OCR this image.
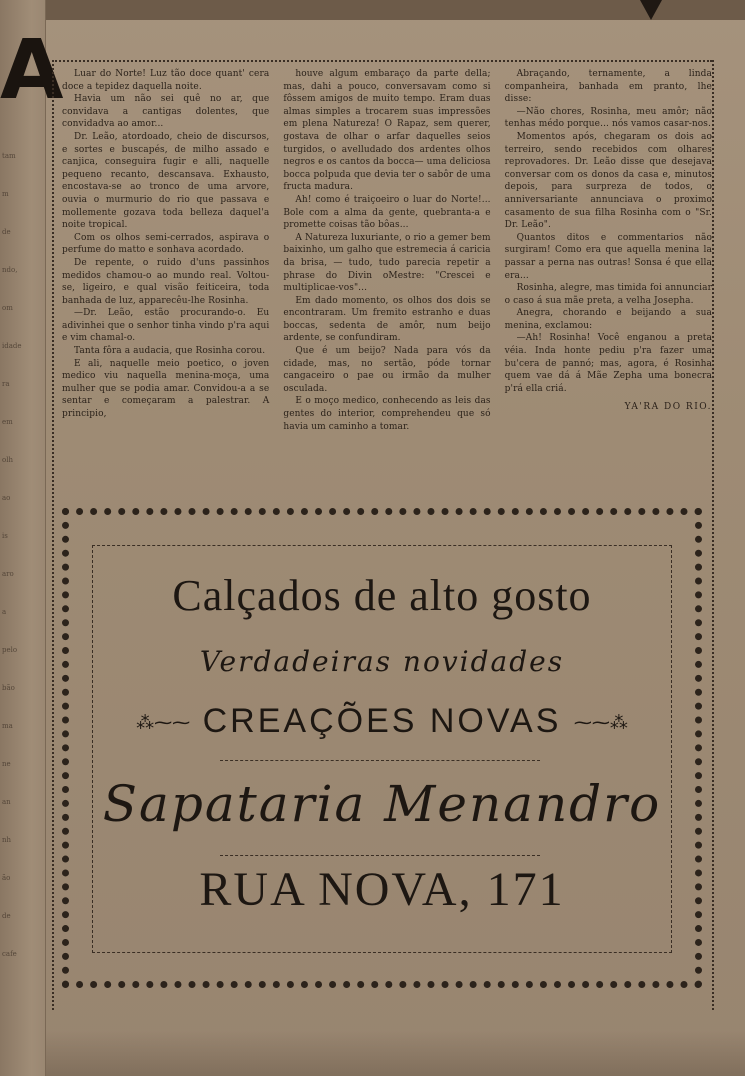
A
tam
m
de
ndo,
om
idade
ra
em
olh
ao
is
aro
a
pelo
bão
ma
ne
an
nh
ão
de
cafe

Luar do Norte! Luz tão doce quant' cera doce a tepidez daquella noite.

Havia um não sei quê no ar, que convidava a cantigas dolentes, que convidadva ao amor...

Dr. Leão, atordoado, cheio de discursos, e sortes e buscapés, de milho assado e canjica, conseguira fugir e alli, naquelle pequeno recanto, descansava. Exhausto, encostava-se ao tronco de uma arvore, ouvia o murmurio do rio que passava e mollemente gozava toda belleza daquel'a noite tropical.

Com os olhos semi-cerrados, aspirava o perfume do matto e sonhava acordado.

De repente, o ruido d'uns passinhos medidos chamou-o ao mundo real. Voltou-se, ligeiro, e qual visão feiticeira, toda banhada de luz, apparecêu-lhe Rosinha.

—Dr. Leão, estão procurando-o. Eu adivinhei que o senhor tinha vindo p'ra aqui e vim chamal-o.

Tanta fôra a audacia, que Rosinha corou.

E ali, naquelle meio poetico, o joven medico viu naquella menina-moça, uma mulher que se podia amar. Convidou-a a se sentar e começaram a palestrar. A principio,

houve algum embaraço da parte della; mas, dahi a pouco, conversavam como si fôssem amigos de muito tempo. Eram duas almas simples a trocarem suas impressões em plena Natureza! O Rapaz, sem querer, gostava de olhar o arfar daquelles seios turgidos, o avelludado dos ardentes olhos negros e os cantos da bocca— uma deliciosa bocca polpuda que devia ter o sabôr de uma fructa madura.

Ah! como é traiçoeiro o luar do Norte!... Bole com a alma da gente, quebranta-a e promette coisas tão bôas...

A Natureza luxuriante, o rio a gemer bem baixinho, um galho que estremecia á caricia da brisa, — tudo, tudo parecia repetir a phrase do Divin oMestre: "Crescei e multiplicae-vos"...

Em dado momento, os olhos dos dois se encontraram. Um fremito estranho e duas boccas, sedenta de amôr, num beijo ardente, se confundiram.

Que é um beijo? Nada para vós da cidade, mas, no sertão, póde tornar cangaceiro o pae ou irmão da mulher osculada.

E o moço medico, conhecendo as leis das gentes do interior, comprehendeu que só havia um caminho a tomar.

Abraçando, ternamente, a linda companheira, banhada em pranto, lhe disse:

—Não chores, Rosinha, meu amôr; não tenhas médo porque... nós vamos casar-nos.

Momentos após, chegaram os dois ao terreiro, sendo recebidos com olhares reprovadores. Dr. Leão disse que desejava conversar com os donos da casa e, minutos depois, para surpreza de todos, o anniversariante annunciava o proximo casamento de sua filha Rosinha com o "Sr. Dr. Leão".

Quantos ditos e commentarios não surgiram! Como era que aquella menina la passar a perna nas outras! Sonsa é que ella era...

Rosinha, alegre, mas timida foi annunciar o caso á sua mãe preta, a velha Josepha.

Anegra, chorando e beijando a sua menina, exclamou:

—Ah! Rosinha! Você enganou a preta véia. Inda honte pediu p'ra fazer uma bu'cera de pannó; mas, agora, é Rosinha quem vae dá á Mãe Zepha uma bonecra p'rá ella criá.

YA'RA DO RIO.

Calçados de alto gosto
Verdadeiras novidades
⁂⁓⁓ CREAÇÕES NOVAS ⁓⁓⁂
Sapataria Menandro
RUA NOVA, 171
